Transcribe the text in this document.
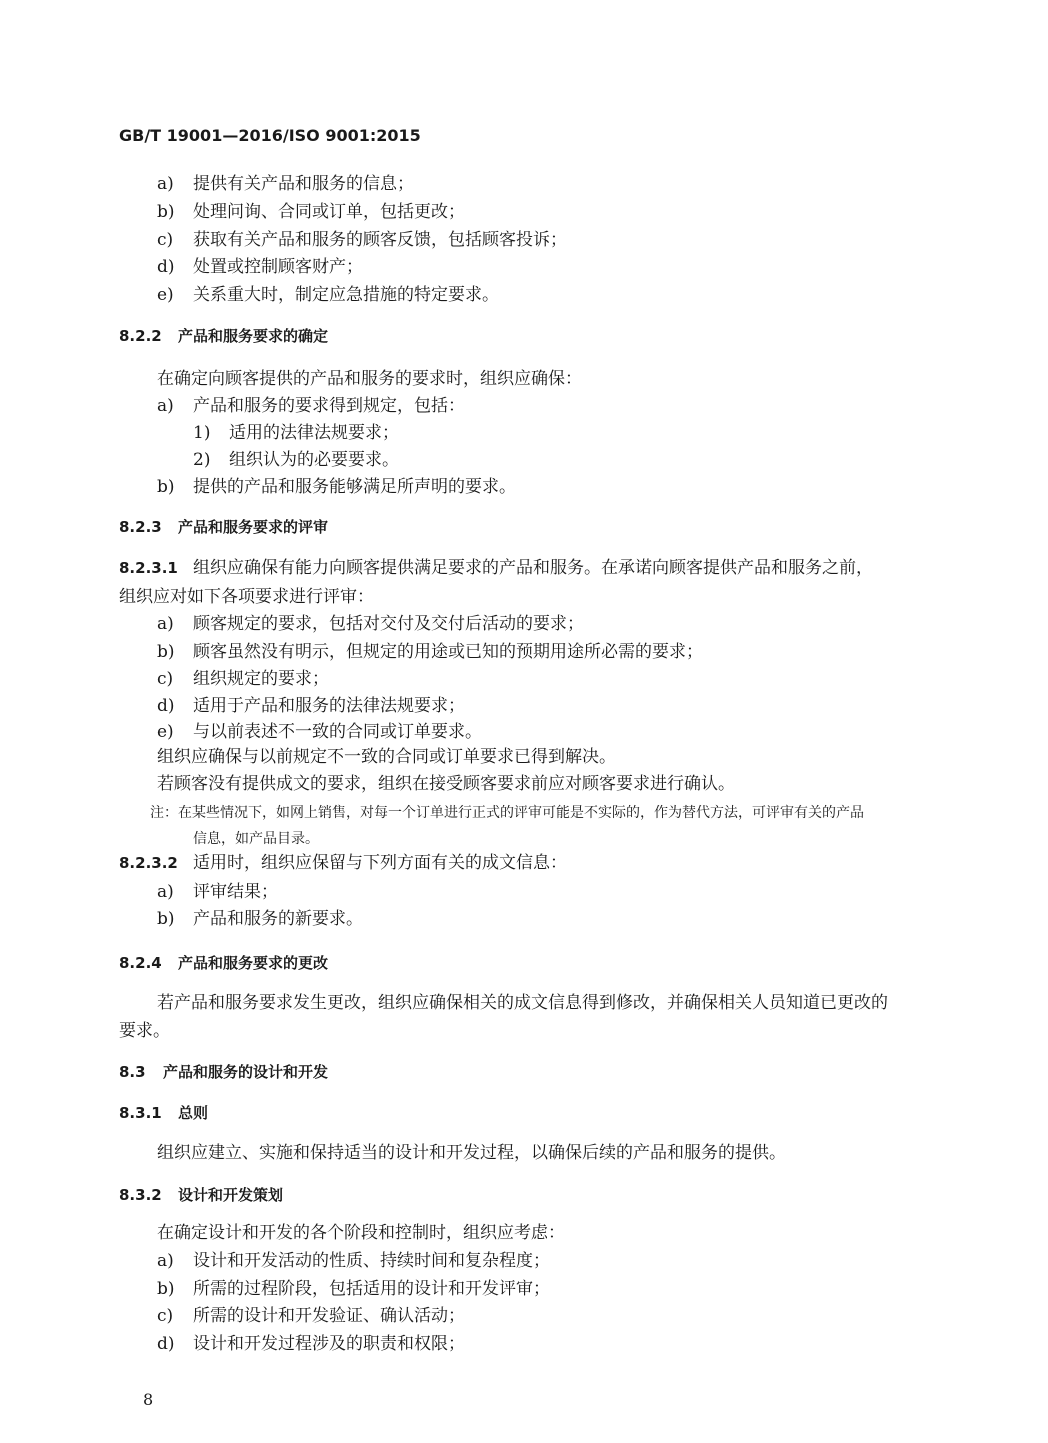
GB/T 19001—2016/ISO 9001:2015
a) 提供有关产品和服务的信息；
b) 处理问询、合同或订单，包括更改；
c) 获取有关产品和服务的顾客反馈，包括顾客投诉；
d) 处置或控制顾客财产；
e) 关系重大时，制定应急措施的特定要求。
8.2.2 产品和服务要求的确定
在确定向顾客提供的产品和服务的要求时，组织应确保：
a) 产品和服务的要求得到规定，包括：
1) 适用的法律法规要求；
2) 组织认为的必要要求。
b) 提供的产品和服务能够满足所声明的要求。
8.2.3 产品和服务要求的评审
8.2.3.1 组织应确保有能力向顾客提供满足要求的产品和服务。在承诺向顾客提供产品和服务之前，
组织应对如下各项要求进行评审：
a) 顾客规定的要求，包括对交付及交付后活动的要求；
b) 顾客虽然没有明示，但规定的用途或已知的预期用途所必需的要求；
c) 组织规定的要求；
d) 适用于产品和服务的法律法规要求；
e) 与以前表述不一致的合同或订单要求。
组织应确保与以前规定不一致的合同或订单要求已得到解决。
若顾客没有提供成文的要求，组织在接受顾客要求前应对顾客要求进行确认。
注：在某些情况下，如网上销售，对每一个订单进行正式的评审可能是不实际的，作为替代方法，可评审有关的产品
信息，如产品目录。
8.2.3.2 适用时，组织应保留与下列方面有关的成文信息：
a) 评审结果；
b) 产品和服务的新要求。
8.2.4 产品和服务要求的更改
若产品和服务要求发生更改，组织应确保相关的成文信息得到修改，并确保相关人员知道已更改的
要求。
8.3 产品和服务的设计和开发
8.3.1 总则
组织应建立、实施和保持适当的设计和开发过程，以确保后续的产品和服务的提供。
8.3.2 设计和开发策划
在确定设计和开发的各个阶段和控制时，组织应考虑：
a) 设计和开发活动的性质、持续时间和复杂程度；
b) 所需的过程阶段，包括适用的设计和开发评审；
c) 所需的设计和开发验证、确认活动；
d) 设计和开发过程涉及的职责和权限；
8
